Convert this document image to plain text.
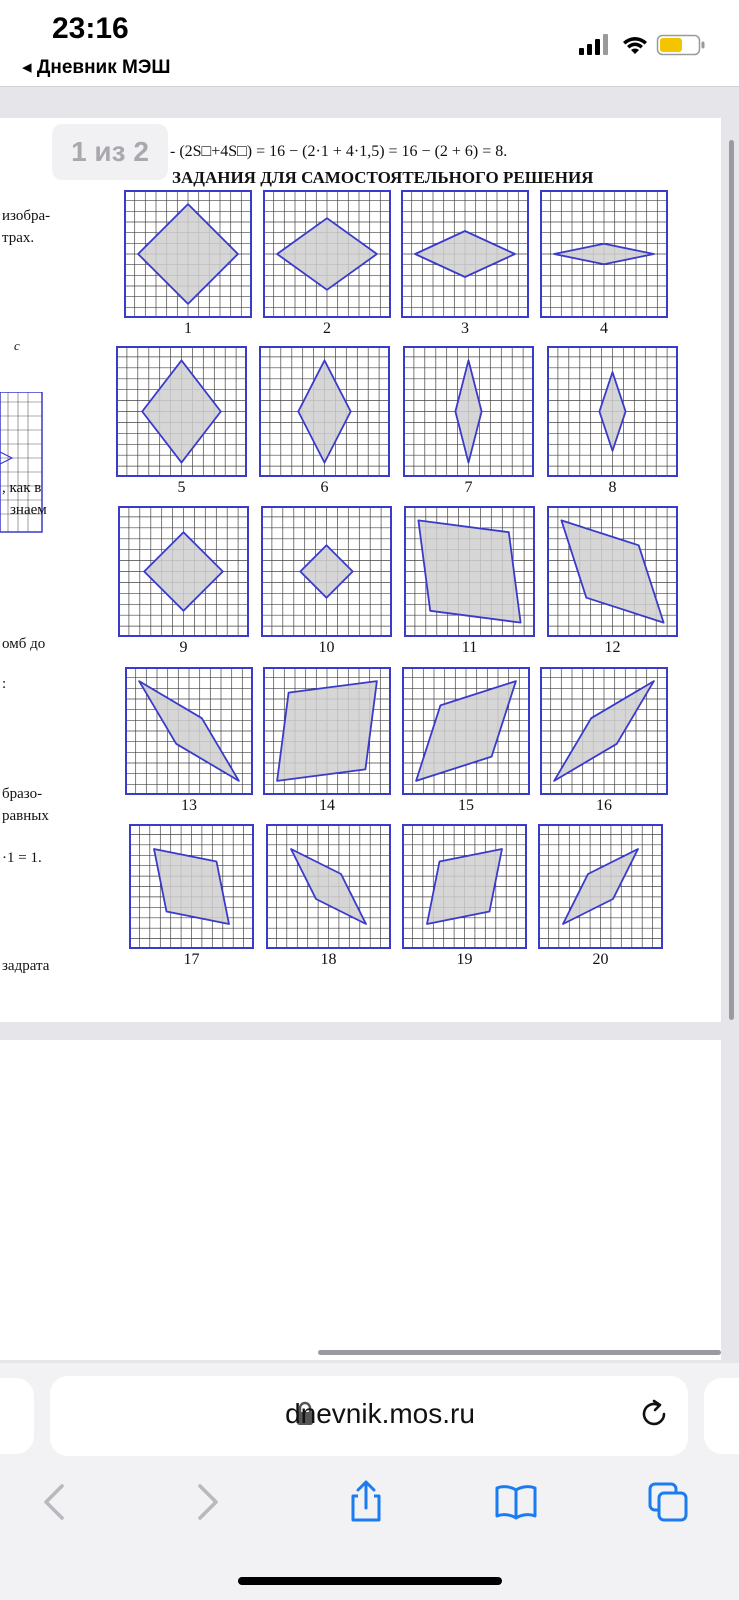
23:16
◂ Дневник МЭШ
1 из 2	- (2S□+4S□) = 16 − (2·1 + 4·1,5) = 16 − (2 + 6) = 8.
ЗАДАНИЯ ДЛЯ САМОСТОЯТЕЛЬНОГО РЕШЕНИЯ
изобра-
трах.
c
, как в
знаем
омб до
:
бразо-
равных
·1 = 1.
задрата
1	2	3	4
5	6	7	8
9	10	11	12
13	14	15	16
17	18	19	20
dnevnik.mos.ru
